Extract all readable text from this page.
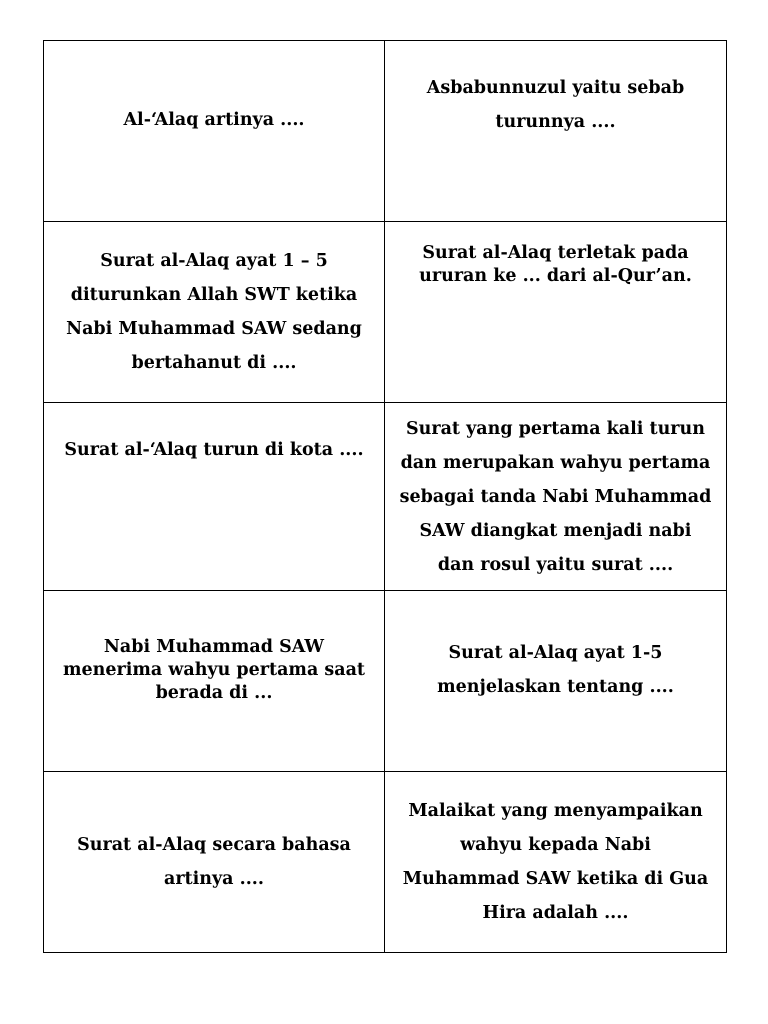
Al-‘Alaq artinya ....	Asbabunnuzul yaitu sebab turunnya ....

Surat al-Alaq ayat 1 – 5 diturunkan Allah SWT ketika Nabi Muhammad SAW sedang bertahanut di ....	Surat al-Alaq terletak pada ururan ke ... dari al-Qur’an.

Surat al-‘Alaq turun di kota ....	Surat yang pertama kali turun dan merupakan wahyu pertama sebagai tanda Nabi Muhammad SAW diangkat menjadi nabi dan rosul yaitu surat ....

Nabi Muhammad SAW menerima wahyu pertama saat berada di ...	Surat al-Alaq ayat 1-5 menjelaskan tentang ....

Surat al-Alaq secara bahasa artinya ....	Malaikat yang menyampaikan wahyu kepada Nabi Muhammad SAW ketika di Gua Hira adalah ....
